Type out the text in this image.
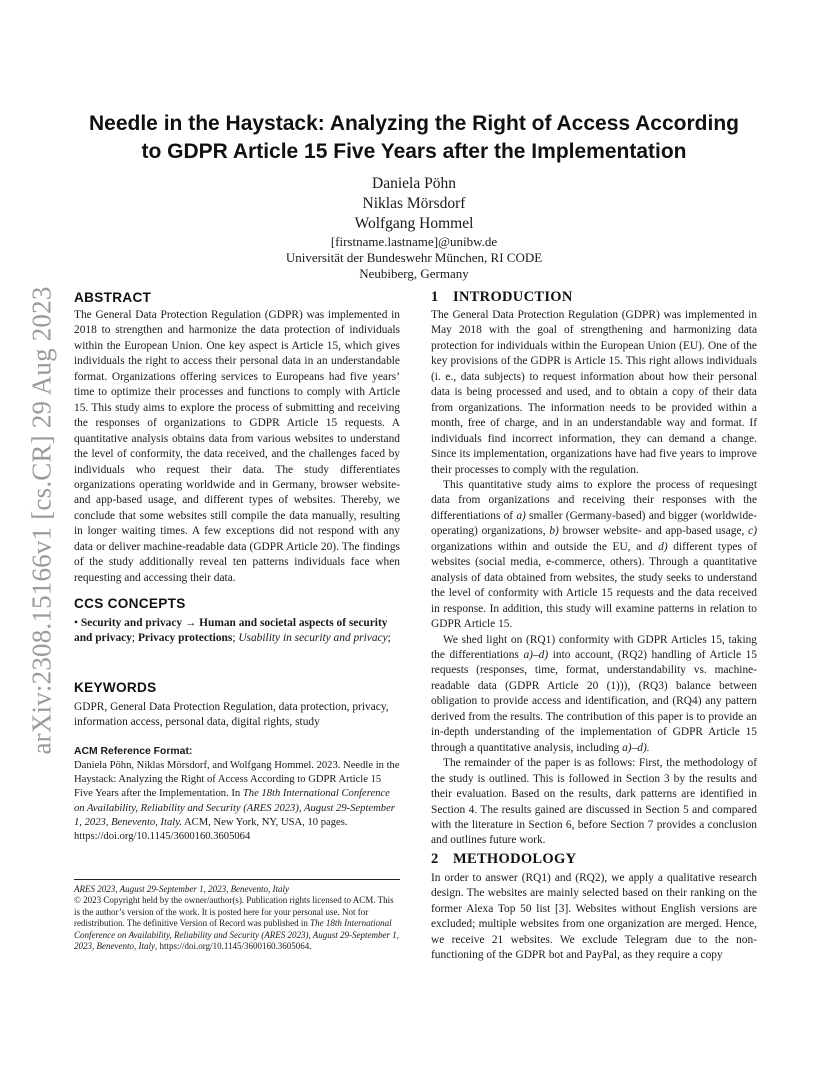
arXiv:2308.15166v1 [cs.CR] 29 Aug 2023
Needle in the Haystack: Analyzing the Right of Access According
to GDPR Article 15 Five Years after the Implementation
Daniela Pöhn
Niklas Mörsdorf
Wolfgang Hommel
[firstname.lastname]@unibw.de
Universität der Bundeswehr München, RI CODE
Neubiberg, Germany
ABSTRACT

The General Data Protection Regulation (GDPR) was implemented in 2018 to strengthen and harmonize the data protection of individuals within the European Union. One key aspect is Article 15, which gives individuals the right to access their personal data in an understandable format. Organizations offering services to Europeans had five years’ time to optimize their processes and functions to comply with Article 15. This study aims to explore the process of submitting and receiving the responses of organizations to GDPR Article 15 requests. A quantitative analysis obtains data from various websites to understand the level of conformity, the data received, and the challenges faced by individuals who request their data. The study differentiates organizations operating worldwide and in Germany, browser website- and app-based usage, and different types of websites. Thereby, we conclude that some websites still compile the data manually, resulting in longer waiting times. A few exceptions did not respond with any data or deliver machine-readable data (GDPR Article 20). The findings of the study additionally reveal ten patterns individuals face when requesting and accessing their data.

CCS CONCEPTS

• Security and privacy → Human and societal aspects of security and privacy; Privacy protections; Usability in security and privacy;

KEYWORDS

GDPR, General Data Protection Regulation, data protection, privacy, information access, personal data, digital rights, study

ACM Reference Format:

Daniela Pöhn, Niklas Mörsdorf, and Wolfgang Hommel. 2023. Needle in the Haystack: Analyzing the Right of Access According to GDPR Article 15 Five Years after the Implementation. In The 18th International Conference on Availability, Reliability and Security (ARES 2023), August 29-September 1, 2023, Benevento, Italy. ACM, New York, NY, USA, 10 pages. https://doi.org/10.1145/3600160.3605064

ARES 2023, August 29-September 1, 2023, Benevento, Italy

© 2023 Copyright held by the owner/author(s). Publication rights licensed to ACM. This is the author’s version of the work. It is posted here for your personal use. Not for redistribution. The definitive Version of Record was published in The 18th International Conference on Availability, Reliability and Security (ARES 2023), August 29-September 1, 2023, Benevento, Italy, https://doi.org/10.1145/3600160.3605064.

1 INTRODUCTION

The General Data Protection Regulation (GDPR) was implemented in May 2018 with the goal of strengthening and harmonizing data protection for individuals within the European Union (EU). One of the key provisions of the GDPR is Article 15. This right allows individuals (i. e., data subjects) to request information about how their personal data is being processed and used, and to obtain a copy of their data from organizations. The information needs to be provided within a month, free of charge, and in an understandable way and format. If individuals find incorrect information, they can demand a change. Since its implementation, organizations have had five years to improve their processes to comply with the regulation.

This quantitative study aims to explore the process of requesingt data from organizations and receiving their responses with the differentiations of a) smaller (Germany-based) and bigger (worldwide-operating) organizations, b) browser website- and app-based usage, c) organizations within and outside the EU, and d) different types of websites (social media, e-commerce, others). Through a quantitative analysis of data obtained from websites, the study seeks to understand the level of conformity with Article 15 requests and the data received in response. In addition, this study will examine patterns in relation to GDPR Article 15.

We shed light on (RQ1) conformity with GDPR Articles 15, taking the differentiations a)–d) into account, (RQ2) handling of Article 15 requests (responses, time, format, understandability vs. machine-readable data (GDPR Article 20 (1))), (RQ3) balance between obligation to provide access and identification, and (RQ4) any pattern derived from the results. The contribution of this paper is to provide an in-depth understanding of the implementation of GDPR Article 15 through a quantitative analysis, including a)–d).

The remainder of the paper is as follows: First, the methodology of the study is outlined. This is followed in Section 3 by the results and their evaluation. Based on the results, dark patterns are identified in Section 4. The results gained are discussed in Section 5 and compared with the literature in Section 6, before Section 7 provides a conclusion and outlines future work.

2 METHODOLOGY

In order to answer (RQ1) and (RQ2), we apply a qualitative research design. The websites are mainly selected based on their ranking on the former Alexa Top 50 list [3]. Websites without English versions are excluded; multiple websites from one organization are merged. Hence, we receive 21 websites. We exclude Telegram due to the non-functioning of the GDPR bot and PayPal, as they require a copy
